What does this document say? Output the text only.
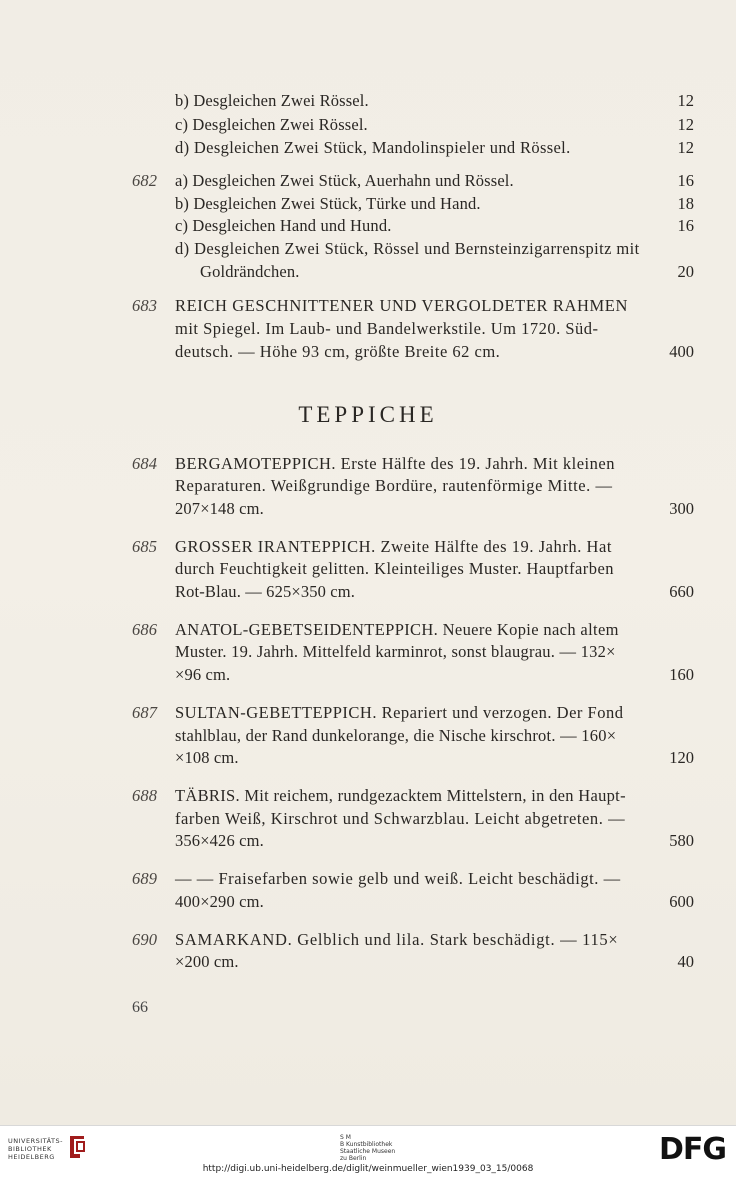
b) Desgleichen Zwei Rössel.	12
c) Desgleichen Zwei Rössel.	12
d) Desgleichen Zwei Stück, Mandolinspieler und Rössel.	12
682 a) Desgleichen Zwei Stück, Auerhahn und Rössel.	16
b) Desgleichen Zwei Stück, Türke und Hand.	18
c) Desgleichen Hand und Hund.	16
d) Desgleichen Zwei Stück, Rössel und Bernsteinzigarrenspitz mit
Goldrändchen.	20
683 REICH GESCHNITTENER UND VERGOLDETER RAHMEN
mit Spiegel. Im Laub- und Bandelwerkstile. Um 1720. Süd-
deutsch. — Höhe 93 cm, größte Breite 62 cm.	400
TEPPICHE
684 BERGAMOTEPPICH. Erste Hälfte des 19. Jahrh. Mit kleinen
Reparaturen. Weißgrundige Bordüre, rautenförmige Mitte. —
207×148 cm.	300
685 GROSSER IRANTEPPICH. Zweite Hälfte des 19. Jahrh. Hat
durch Feuchtigkeit gelitten. Kleinteiliges Muster. Hauptfarben
Rot-Blau. — 625×350 cm.	660
686 ANATOL-GEBETSEIDENTEPPICH. Neuere Kopie nach altem
Muster. 19. Jahrh. Mittelfeld karminrot, sonst blaugrau. — 132×
×96 cm.	160
687 SULTAN-GEBETTEPPICH. Repariert und verzogen. Der Fond
stahlblau, der Rand dunkelorange, die Nische kirschrot. — 160×
×108 cm.	120
688 TÄBRIS. Mit reichem, rundgezacktem Mittelstern, in den Haupt-
farben Weiß, Kirschrot und Schwarzblau. Leicht abgetreten. —
356×426 cm.	580
689 — — Fraisefarben sowie gelb und weiß. Leicht beschädigt. —
400×290 cm.	600
690 SAMARKAND. Gelblich und lila. Stark beschädigt. — 115×
×200 cm.	40
66
UNIVERSITÄTS-
BIBLIOTHEK
HEIDELBERG
S M
B Kunstbibliothek
Staatliche Museen
zu Berlin
http://digi.ub.uni-heidelberg.de/diglit/weinmueller_wien1939_03_15/0068
DFG
